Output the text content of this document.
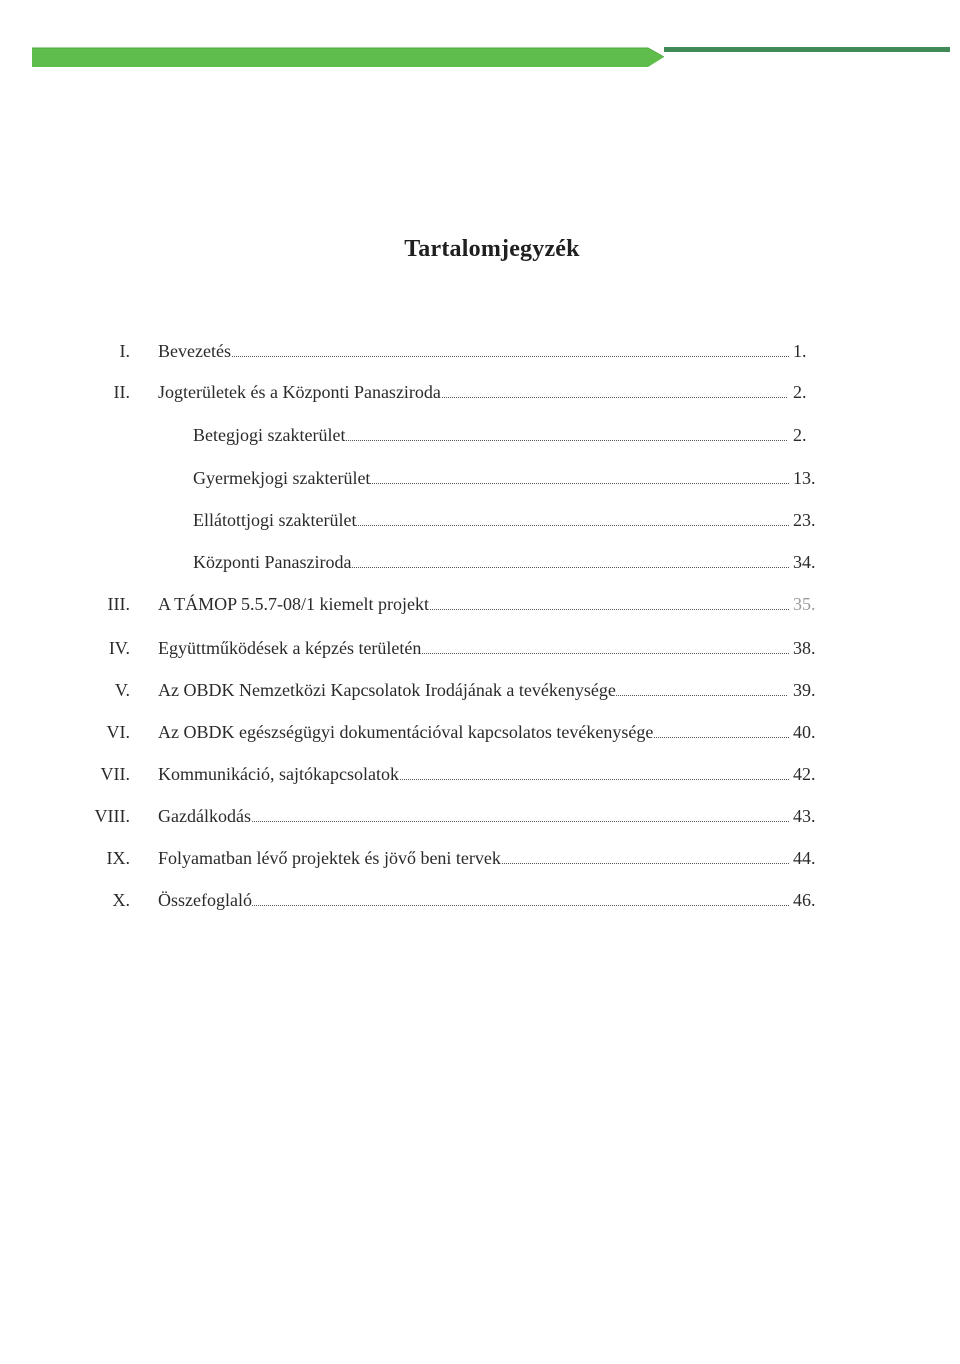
Tartalomjegyzék
I. Bevezetés	1.
II. Jogterületek és a Központi Panasziroda	2.
Betegjogi szakterület	2.
Gyermekjogi szakterület	13.
Ellátottjogi szakterület	23.
Központi Panasziroda	34.
III. A TÁMOP 5.5.7-08/1 kiemelt projekt	35.
IV. Együttműködések a képzés területén	38.
V. Az OBDK Nemzetközi Kapcsolatok Irodájának a tevékenysége	39.
VI. Az OBDK egészségügyi dokumentációval kapcsolatos tevékenysége	40.
VII. Kommunikáció, sajtókapcsolatok	42.
VIII. Gazdálkodás	43.
IX. Folyamatban lévő projektek és jövő beni tervek	44.
X. Összefoglaló	46.
